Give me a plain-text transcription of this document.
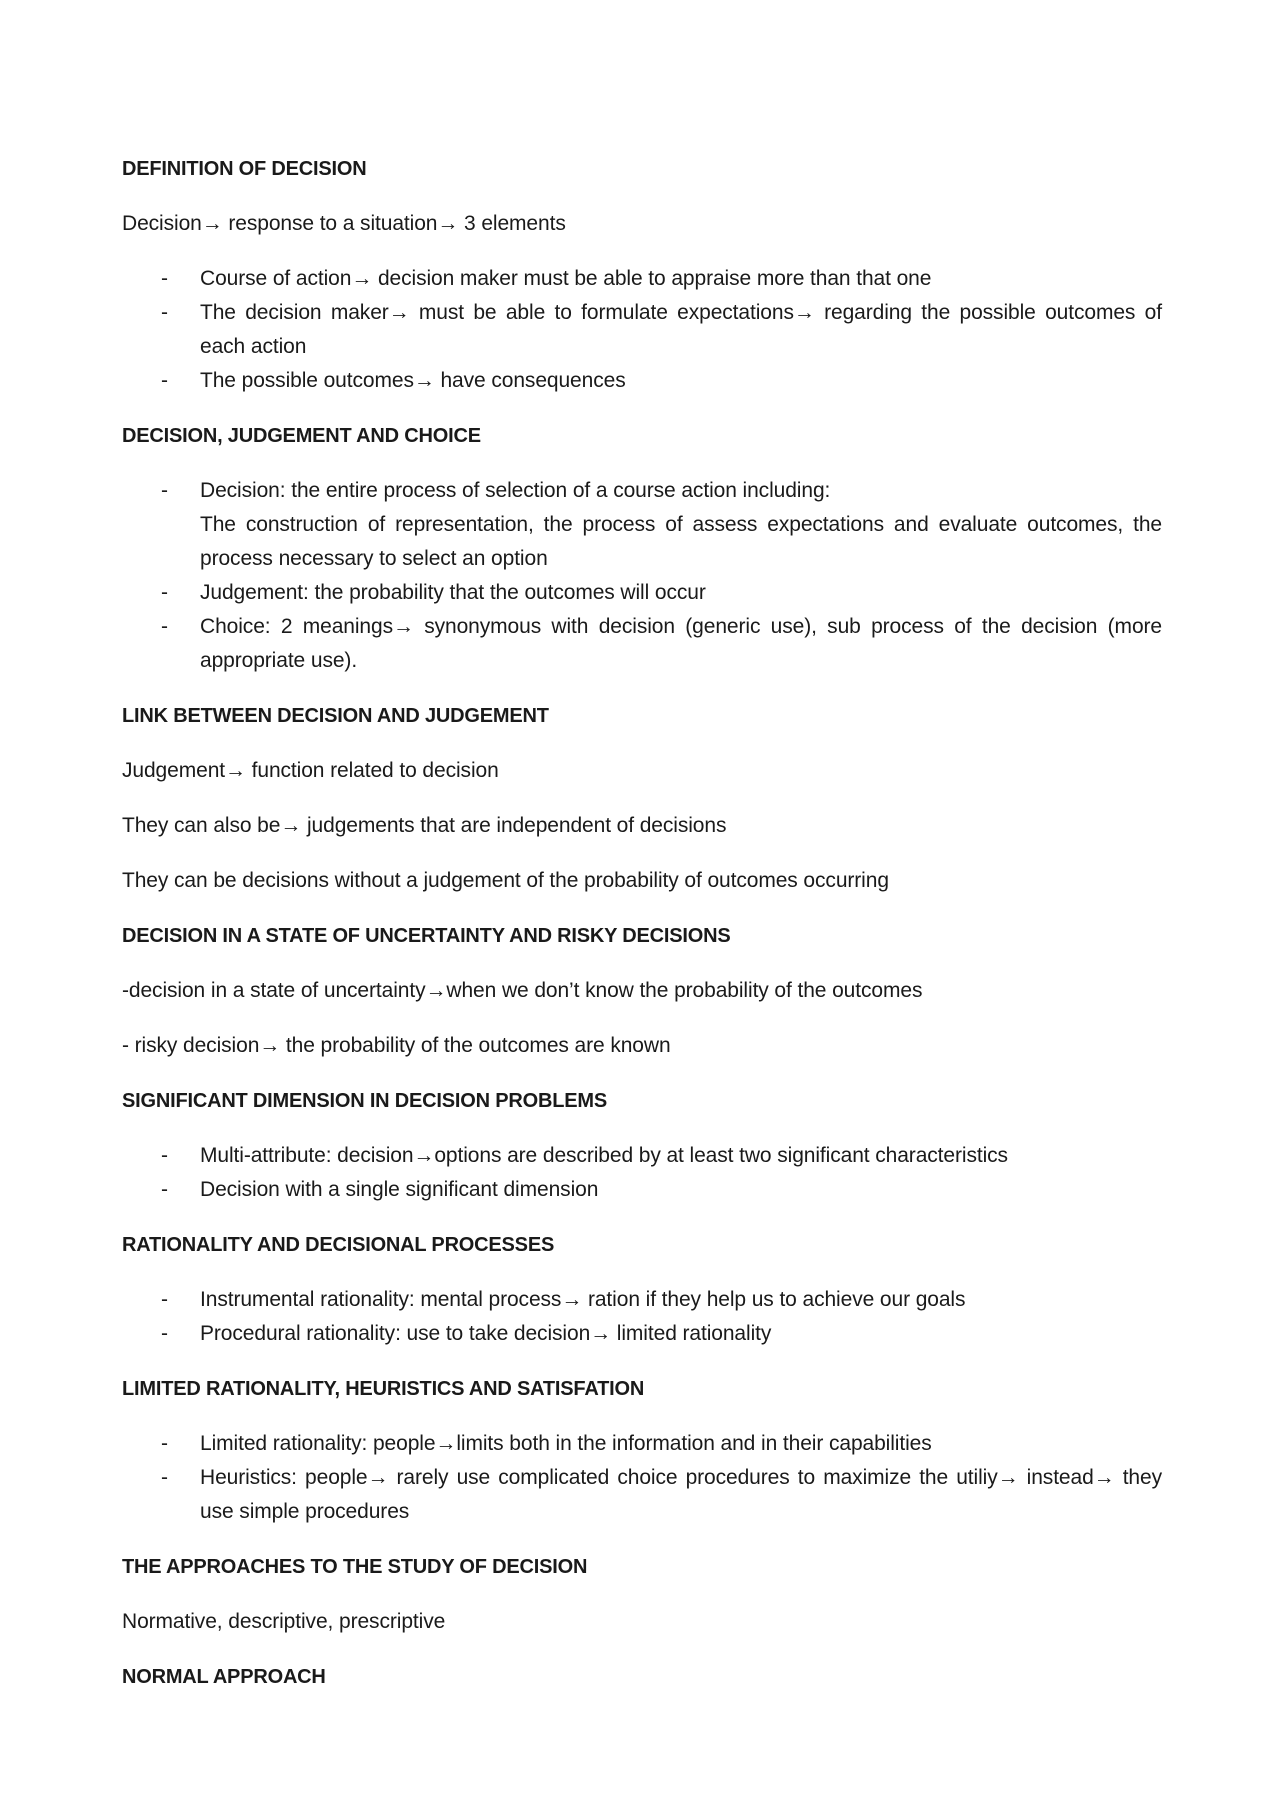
DEFINITION OF DECISION
Decision→ response to a situation→ 3 elements
- Course of action→ decision maker must be able to appraise more than that one
- The decision maker→ must be able to formulate expectations→ regarding the possible outcomes of each action
- The possible outcomes→ have consequences
DECISION, JUDGEMENT AND CHOICE
- Decision: the entire process of selection of a course action including:
The construction of representation, the process of assess expectations and evaluate outcomes, the process necessary to select an option
- Judgement: the probability that the outcomes will occur
- Choice: 2 meanings→ synonymous with decision (generic use), sub process of the decision (more appropriate use).
LINK BETWEEN DECISION AND JUDGEMENT
Judgement→ function related to decision
They can also be→ judgements that are independent of decisions
They can be decisions without a judgement of the probability of outcomes occurring
DECISION IN A STATE OF UNCERTAINTY AND RISKY DECISIONS
-decision in a state of uncertainty→when we don’t know the probability of the outcomes
- risky decision→ the probability of the outcomes are known
SIGNIFICANT DIMENSION IN DECISION PROBLEMS
- Multi-attribute: decision→options are described by at least two significant characteristics
- Decision with a single significant dimension
RATIONALITY AND DECISIONAL PROCESSES
- Instrumental rationality: mental process→ ration if they help us to achieve our goals
- Procedural rationality: use to take decision→ limited rationality
LIMITED RATIONALITY, HEURISTICS AND SATISFATION
- Limited rationality: people→limits both in the information and in their capabilities
- Heuristics: people→ rarely use complicated choice procedures to maximize the utiliy→ instead→ they use simple procedures
THE APPROACHES TO THE STUDY OF DECISION
Normative, descriptive, prescriptive
NORMAL APPROACH
